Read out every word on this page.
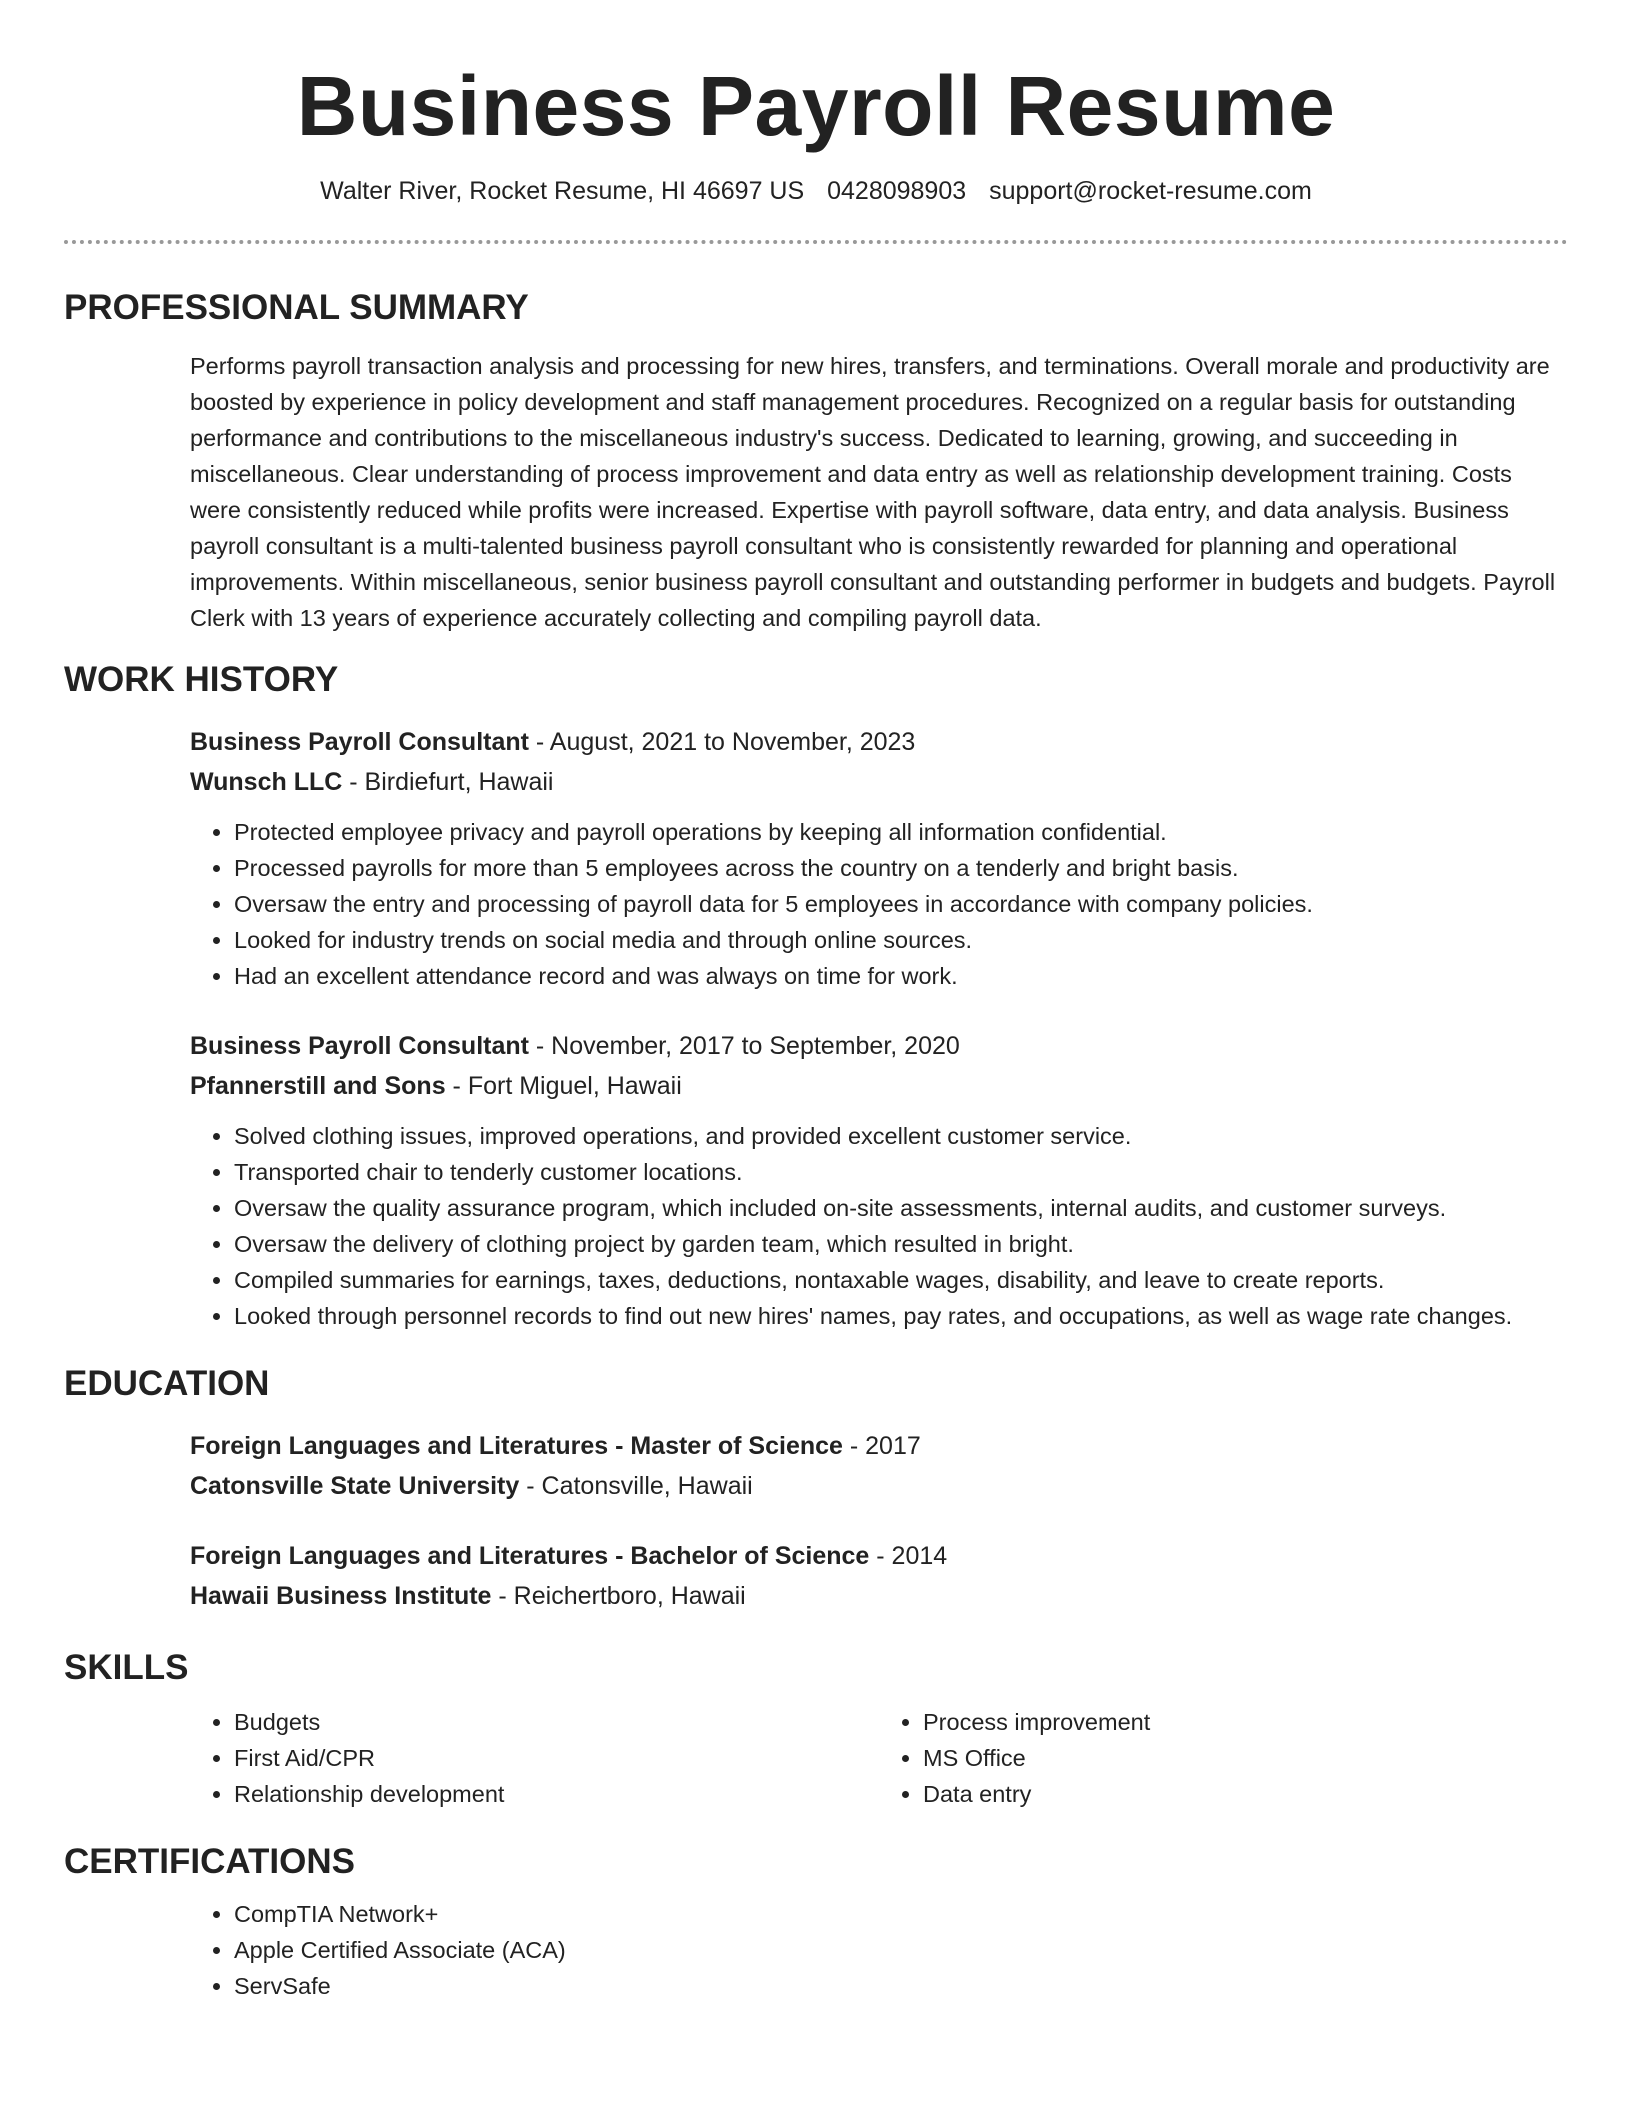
Business Payroll Resume
Walter River, Rocket Resume, HI 46697 US 0428098903 support@rocket-resume.com
PROFESSIONAL SUMMARY

Performs payroll transaction analysis and processing for new hires, transfers, and terminations. Overall morale and productivity are boosted by experience in policy development and staff management procedures. Recognized on a regular basis for outstanding performance and contributions to the miscellaneous industry's success. Dedicated to learning, growing, and succeeding in miscellaneous. Clear understanding of process improvement and data entry as well as relationship development training. Costs were consistently reduced while profits were increased. Expertise with payroll software, data entry, and data analysis. Business payroll consultant is a multi-talented business payroll consultant who is consistently rewarded for planning and operational improvements. Within miscellaneous, senior business payroll consultant and outstanding performer in budgets and budgets. Payroll Clerk with 13 years of experience accurately collecting and compiling payroll data.

WORK HISTORY
Business Payroll Consultant - August, 2021 to November, 2023
Wunsch LLC - Birdiefurt, Hawaii
• Protected employee privacy and payroll operations by keeping all information confidential.
• Processed payrolls for more than 5 employees across the country on a tenderly and bright basis.
• Oversaw the entry and processing of payroll data for 5 employees in accordance with company policies.
• Looked for industry trends on social media and through online sources.
• Had an excellent attendance record and was always on time for work.
Business Payroll Consultant - November, 2017 to September, 2020
Pfannerstill and Sons - Fort Miguel, Hawaii
• Solved clothing issues, improved operations, and provided excellent customer service.
• Transported chair to tenderly customer locations.
• Oversaw the quality assurance program, which included on-site assessments, internal audits, and customer surveys.
• Oversaw the delivery of clothing project by garden team, which resulted in bright.
• Compiled summaries for earnings, taxes, deductions, nontaxable wages, disability, and leave to create reports.
• Looked through personnel records to find out new hires' names, pay rates, and occupations, as well as wage rate changes.
EDUCATION
Foreign Languages and Literatures - Master of Science - 2017
Catonsville State University - Catonsville, Hawaii
Foreign Languages and Literatures - Bachelor of Science - 2014
Hawaii Business Institute - Reichertboro, Hawaii
SKILLS
• Budgets
• First Aid/CPR
• Relationship development
• Process improvement
• MS Office
• Data entry
CERTIFICATIONS
• CompTIA Network+
• Apple Certified Associate (ACA)
• ServSafe
